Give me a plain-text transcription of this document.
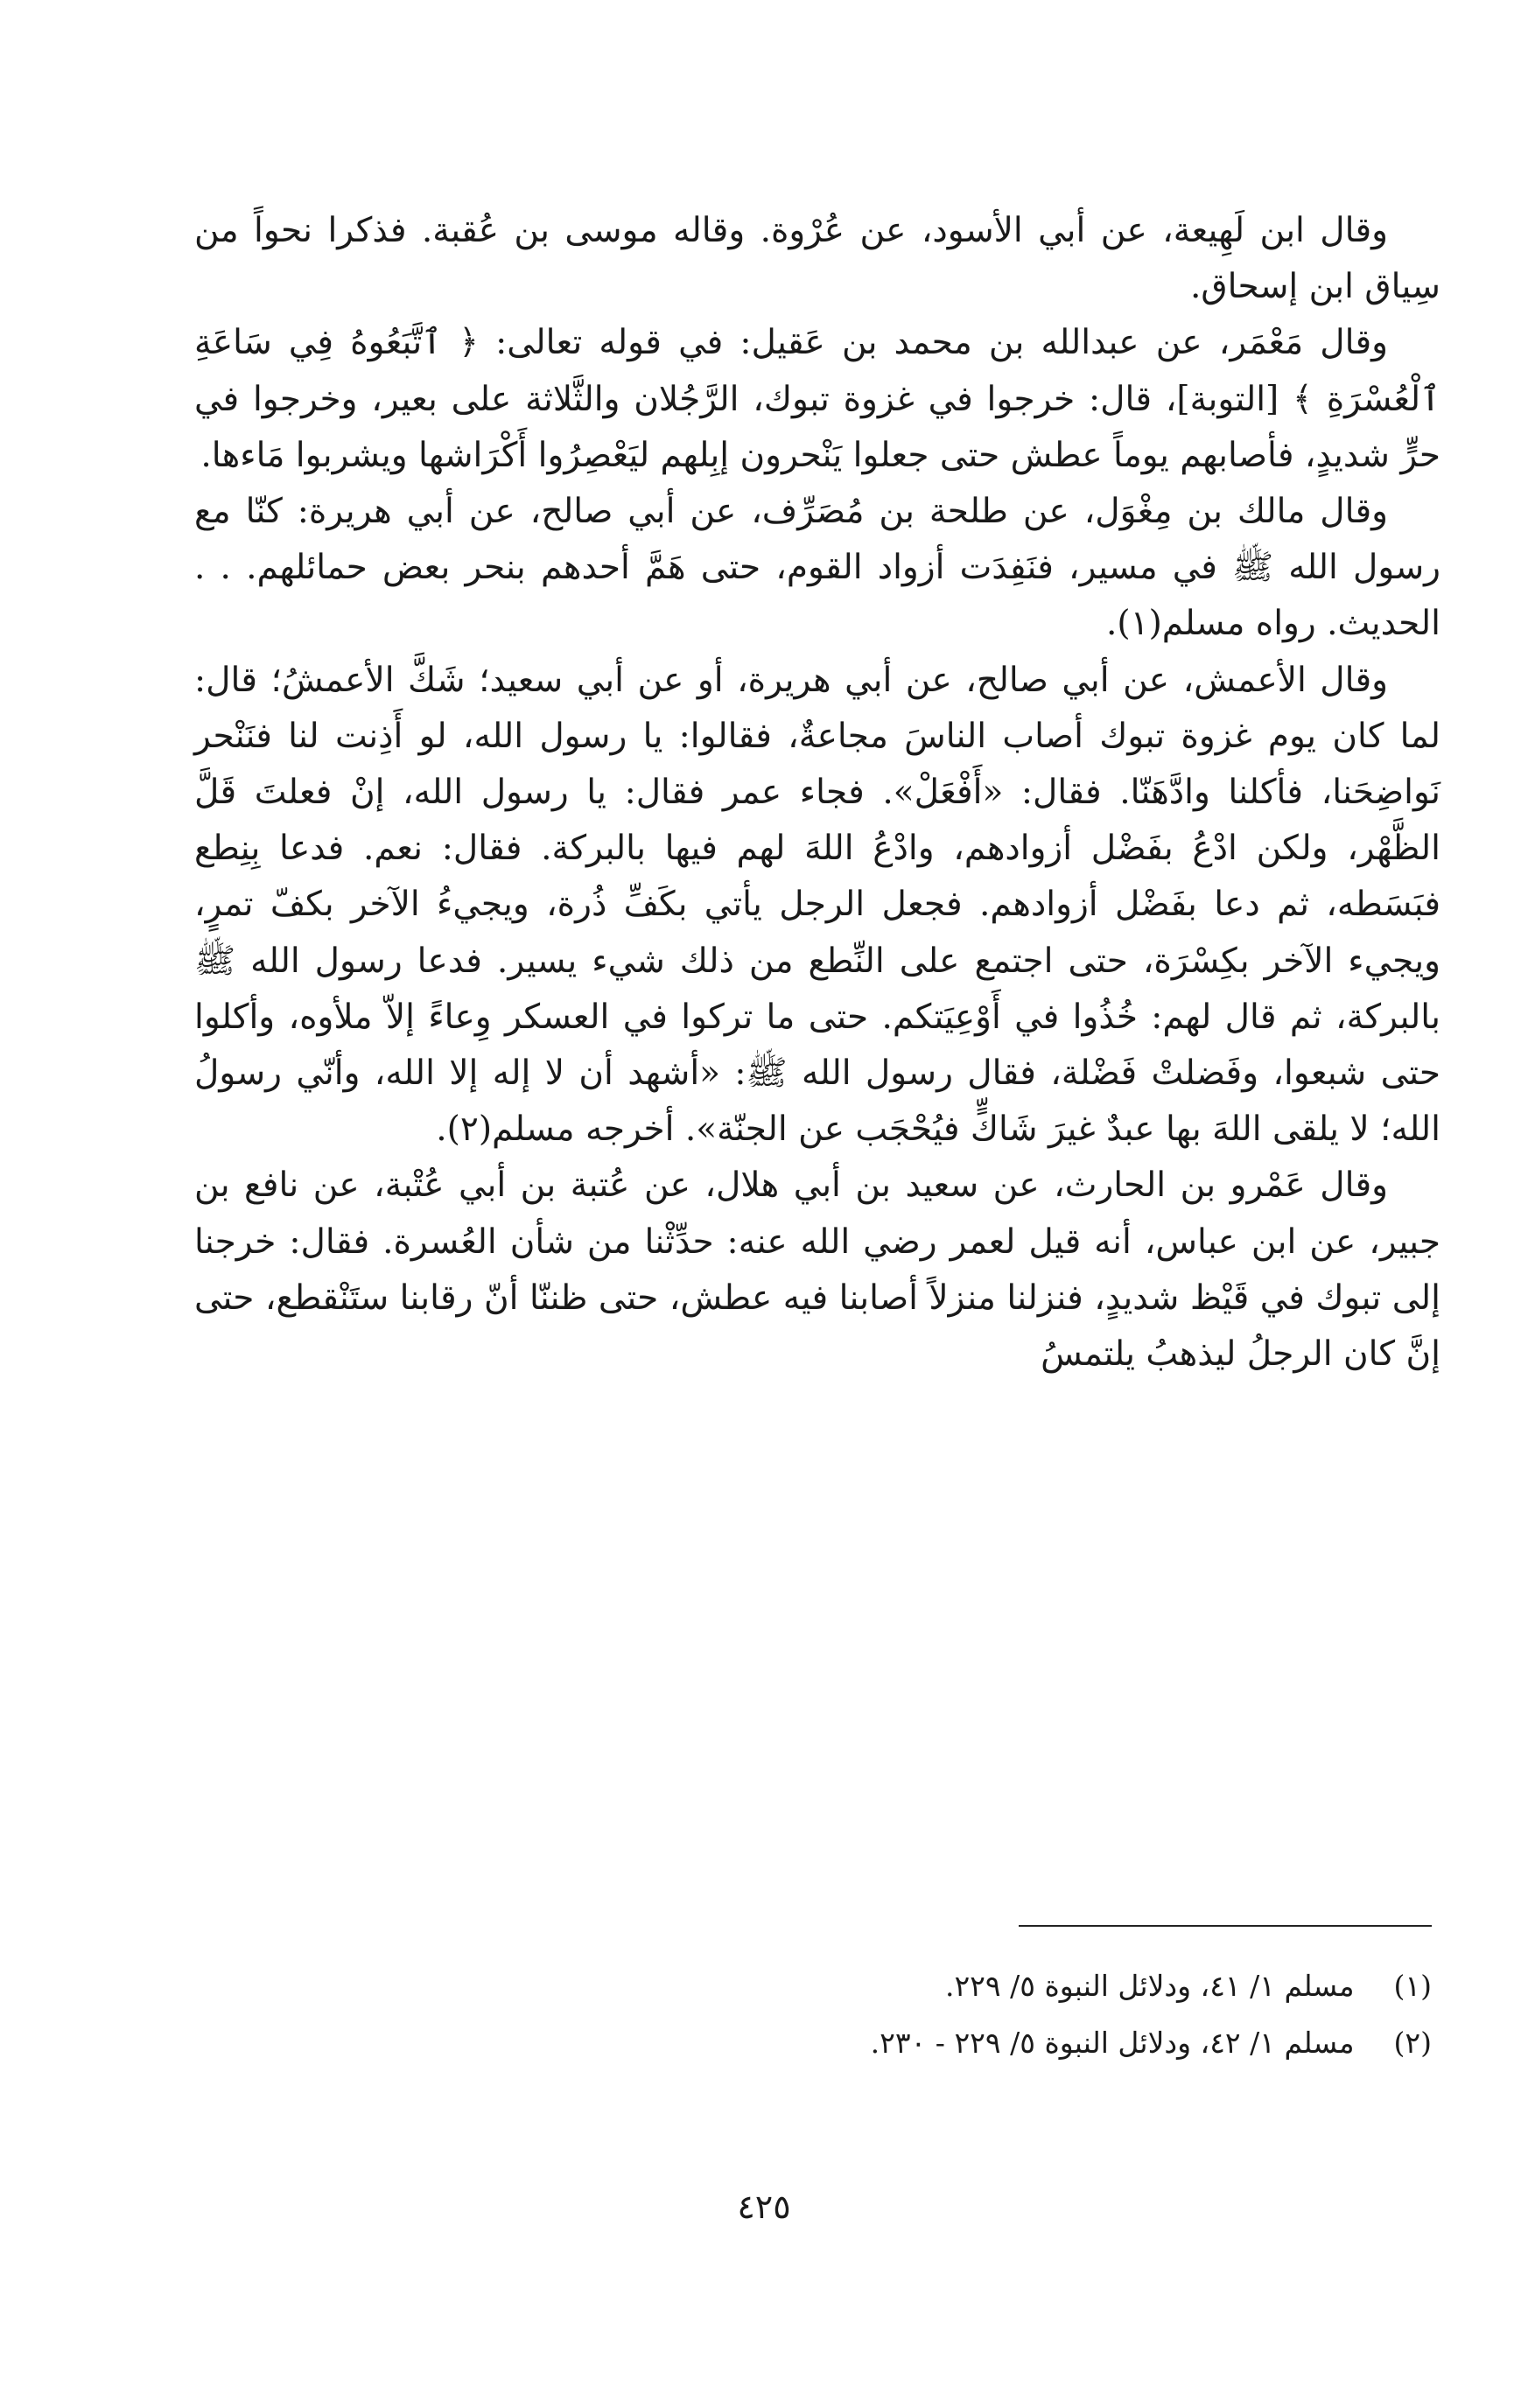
وقال ابن لَهِيعة، عن أبي الأسود، عن عُرْوة. وقاله موسى بن عُقبة. فذكرا نحواً من سِياق ابن إسحاق.

وقال مَعْمَر، عن عبدالله بن محمد بن عَقيل: في قوله تعالى: ﴿ ٱتَّبَعُوهُ فِي سَاعَةِ ٱلْعُسْرَةِ ﴾ [التوبة]، قال: خرجوا في غزوة تبوك، الرَّجُلان والثَّلاثة على بعير، وخرجوا في حرٍّ شديدٍ، فأصابهم يوماً عطش حتى جعلوا يَنْحرون إبِلهم ليَعْصِرُوا أَكْرَاشها ويشربوا مَاءها.

وقال مالك بن مِغْوَل، عن طلحة بن مُصَرِّف، عن أبي صالح، عن أبي هريرة: كنّا مع رسول الله ﷺ في مسير، فنَفِدَت أزواد القوم، حتى هَمَّ أحدهم بنحر بعض حمائلهم. . . الحديث. رواه مسلم(١).

وقال الأعمش، عن أبي صالح، عن أبي هريرة، أو عن أبي سعيد؛ شَكَّ الأعمشُ؛ قال: لما كان يوم غزوة تبوك أصاب الناسَ مجاعةٌ، فقالوا: يا رسول الله، لو أَذِنت لنا فنَنْحر نَواضِحَنا، فأكلنا وادَّهَنّا. فقال: «أَفْعَلْ». فجاء عمر فقال: يا رسول الله، إنْ فعلتَ قَلَّ الظَّهْر، ولكن ادْعُ بفَضْل أزوادهم، وادْعُ اللهَ لهم فيها بالبركة. فقال: نعم. فدعا بِنِطع فبَسَطه، ثم دعا بفَضْل أزوادهم. فجعل الرجل يأتي بكَفِّ ذُرة، ويجيءُ الآخر بكفّ تمرٍ، ويجيء الآخر بكِسْرَة، حتى اجتمع على النِّطع من ذلك شيء يسير. فدعا رسول الله ﷺ بالبركة، ثم قال لهم: خُذُوا في أَوْعِيَتكم. حتى ما تركوا في العسكر وِعاءً إلاّ ملأوه، وأكلوا حتى شبعوا، وفَضلتْ فَضْلة، فقال رسول الله ﷺ: «أشهد أن لا إله إلا الله، وأنّي رسولُ الله؛ لا يلقى اللهَ بها عبدٌ غيرَ شَاكٍّ فيُحْجَب عن الجنّة». أخرجه مسلم(٢).

وقال عَمْرو بن الحارث، عن سعيد بن أبي هلال، عن عُتبة بن أبي عُتْبة، عن نافع بن جبير، عن ابن عباس، أنه قيل لعمر رضي الله عنه: حدِّثْنا من شأن العُسرة. فقال: خرجنا إلى تبوك في قَيْظ شديدٍ، فنزلنا منزلاً أصابنا فيه عطش، حتى ظننّا أنّ رقابنا ستَنْقطع، حتى إنَّ كان الرجلُ ليذهبُ يلتمسُ

(١) مسلم ١/ ٤١، ودلائل النبوة ٥/ ٢٢٩.

(٢) مسلم ١/ ٤٢، ودلائل النبوة ٥/ ٢٢٩ - ٢٣٠.

٤٢٥
